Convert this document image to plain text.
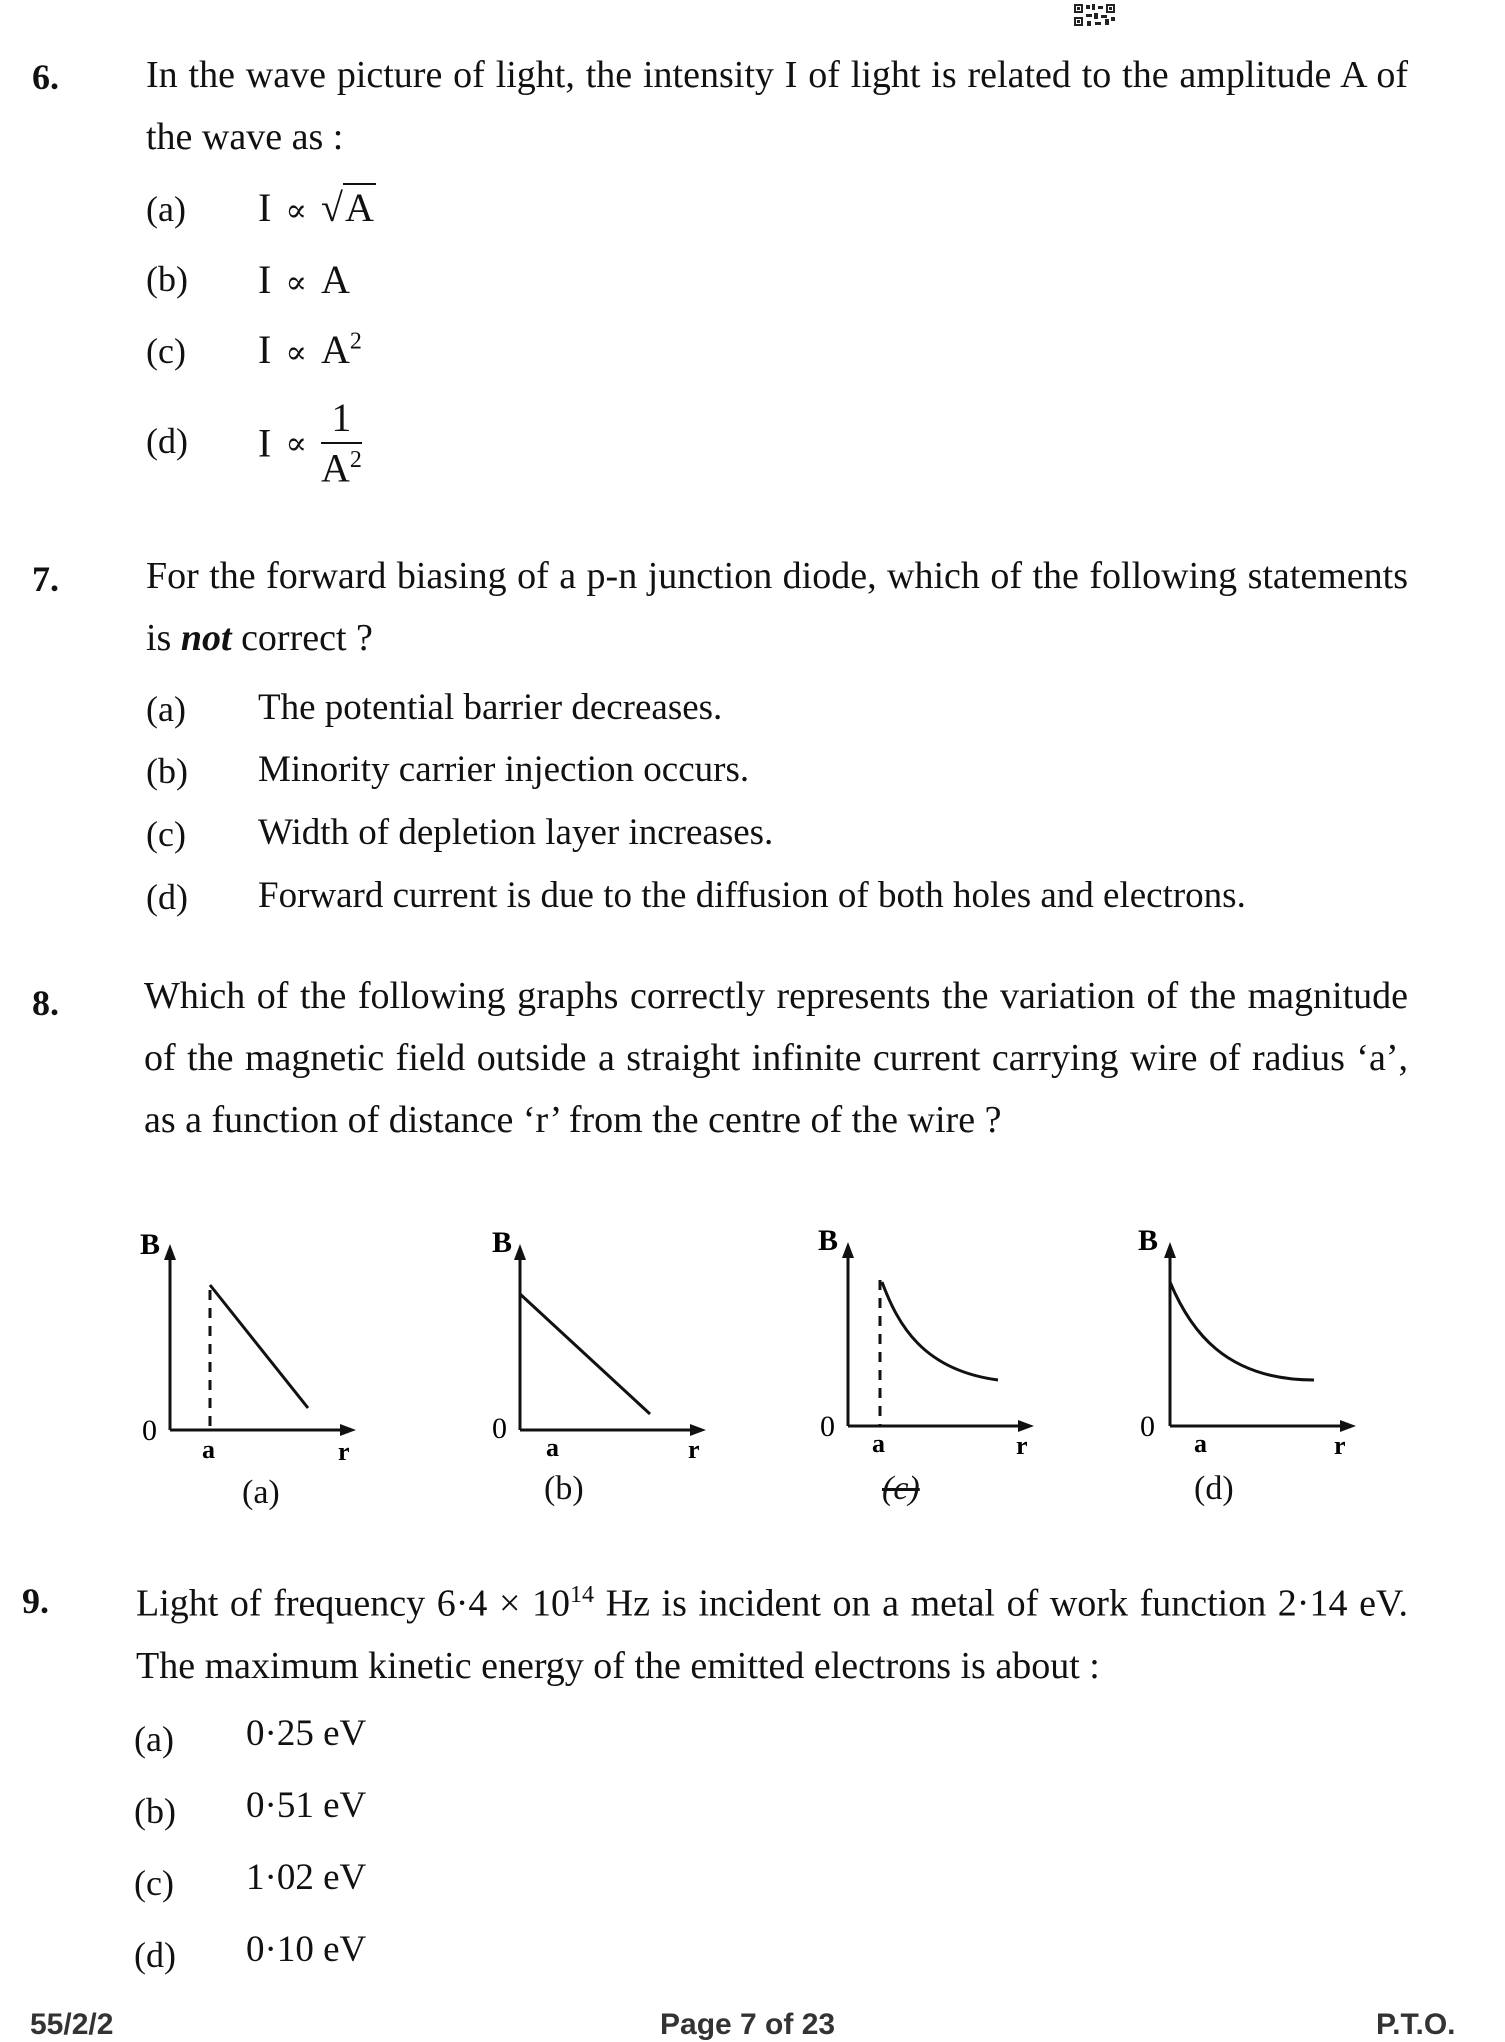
6. In the wave picture of light, the intensity I of light is related to the amplitude A of the wave as :
(a) I ∝ √A
(b) I ∝ A
(c) $I \propto A^2$
(d) $I \propto \frac{1}{A^2}$
7. For the forward biasing of a p-n junction diode, which of the following statements is not correct ?
(a) The potential barrier decreases.
(b) Minority carrier injection occurs.
(c) Width of depletion layer increases.
(d) Forward current is due to the diffusion of both holes and electrons.
8. Which of the following graphs correctly represents the variation of the magnitude of the magnetic field outside a straight infinite current carrying wire of radius ‘a’, as a function of distance ‘r’ from the centre of the wire ?
B
0
a	r
(a)
B
0
a	r
(b)
B
0
a	r
(c)
B
0
a	r
(d)
9. Light of frequency $6\cdot 4 \times 10^{14}$ Hz is incident on a metal of work function 2·14 eV. The maximum kinetic energy of the emitted electrons is about :
(a) 0·25 eV
(b) 0·51 eV
(c) 1·02 eV
(d) 0·10 eV
55/2/2	Page 7 of 23	P.T.O.
